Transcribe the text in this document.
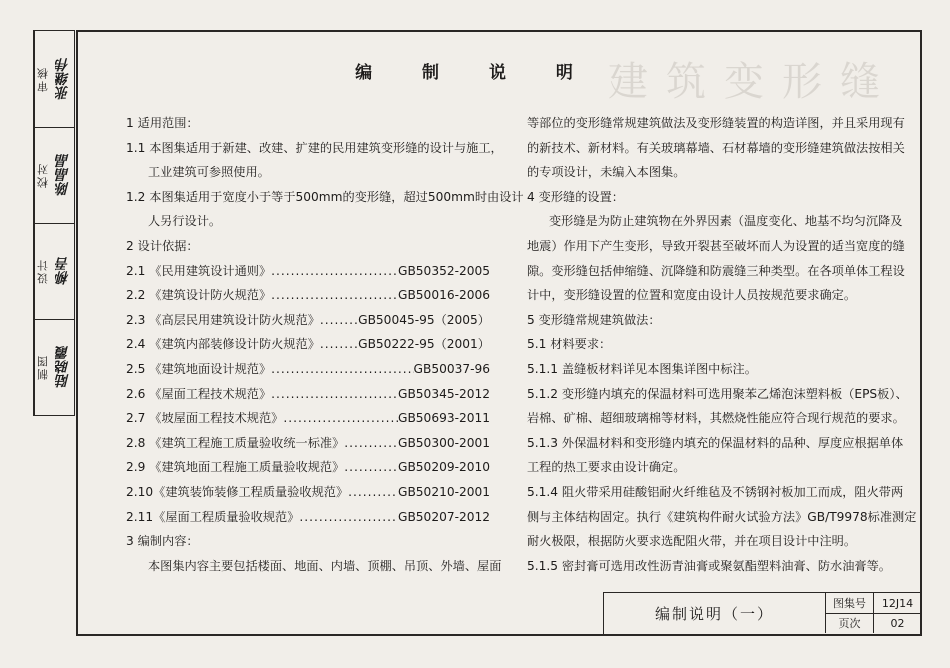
建筑变形缝
审核 张继伟
校对 陈晶晶
设计 柳吾
制图 陆晓霞
编 制 说 明
1 适用范围：
1.1 本图集适用于新建、改建、扩建的民用建筑变形缝的设计与施工，
工业建筑可参照使用。
1.2 本图集适用于宽度小于等于500mm的变形缝，超过500mm时由设计
人另行设计。
2 设计依据：
2.1 《民用建筑设计通则》 .....	GB50352-2005
2.2 《建筑设计防火规范》 .....	GB50016-2006
2.3 《高层民用建筑设计防火规范》 .....	GB50045-95（2005）
2.4 《建筑内部装修设计防火规范》 .....	GB50222-95（2001）
2.5 《建筑地面设计规范》 .....	GB50037-96
2.6 《屋面工程技术规范》 .....	GB50345-2012
2.7 《坡屋面工程技术规范》 .....	GB50693-2011
2.8 《建筑工程施工质量验收统一标准》 .....	GB50300-2001
2.9 《建筑地面工程施工质量验收规范》 .....	GB50209-2010
2.10《建筑装饰装修工程质量验收规范》 .....	GB50210-2001
2.11《屋面工程质量验收规范》 .....	GB50207-2012
3 编制内容：
本图集内容主要包括楼面、地面、内墙、顶棚、吊顶、外墙、屋面
等部位的变形缝常规建筑做法及变形缝装置的构造详图，并且采用现有
的新技术、新材料。有关玻璃幕墙、石材幕墙的变形缝建筑做法按相关
的专项设计，未编入本图集。
4 变形缝的设置：
变形缝是为防止建筑物在外界因素（温度变化、地基不均匀沉降及
地震）作用下产生变形，导致开裂甚至破坏而人为设置的适当宽度的缝
隙。变形缝包括伸缩缝、沉降缝和防震缝三种类型。在各项单体工程设
计中，变形缝设置的位置和宽度由设计人员按规范要求确定。
5 变形缝常规建筑做法：
5.1 材料要求：
5.1.1 盖缝板材料详见本图集详图中标注。
5.1.2 变形缝内填充的保温材料可选用聚苯乙烯泡沫塑料板（EPS板）、
岩棉、矿棉、超细玻璃棉等材料，其燃烧性能应符合现行规范的要求。
5.1.3 外保温材料和变形缝内填充的保温材料的品种、厚度应根据单体
工程的热工要求由设计确定。
5.1.4 阻火带采用硅酸铝耐火纤维毡及不锈钢衬板加工而成，阻火带两
侧与主体结构固定。执行《建筑构件耐火试验方法》GB/T9978标准测定
耐火极限，根据防火要求选配阻火带，并在项目设计中注明。
5.1.5 密封膏可选用改性沥青油膏或聚氨酯塑料油膏、防水油膏等。
编制说明（一）
图集号	12J14
页次	02
